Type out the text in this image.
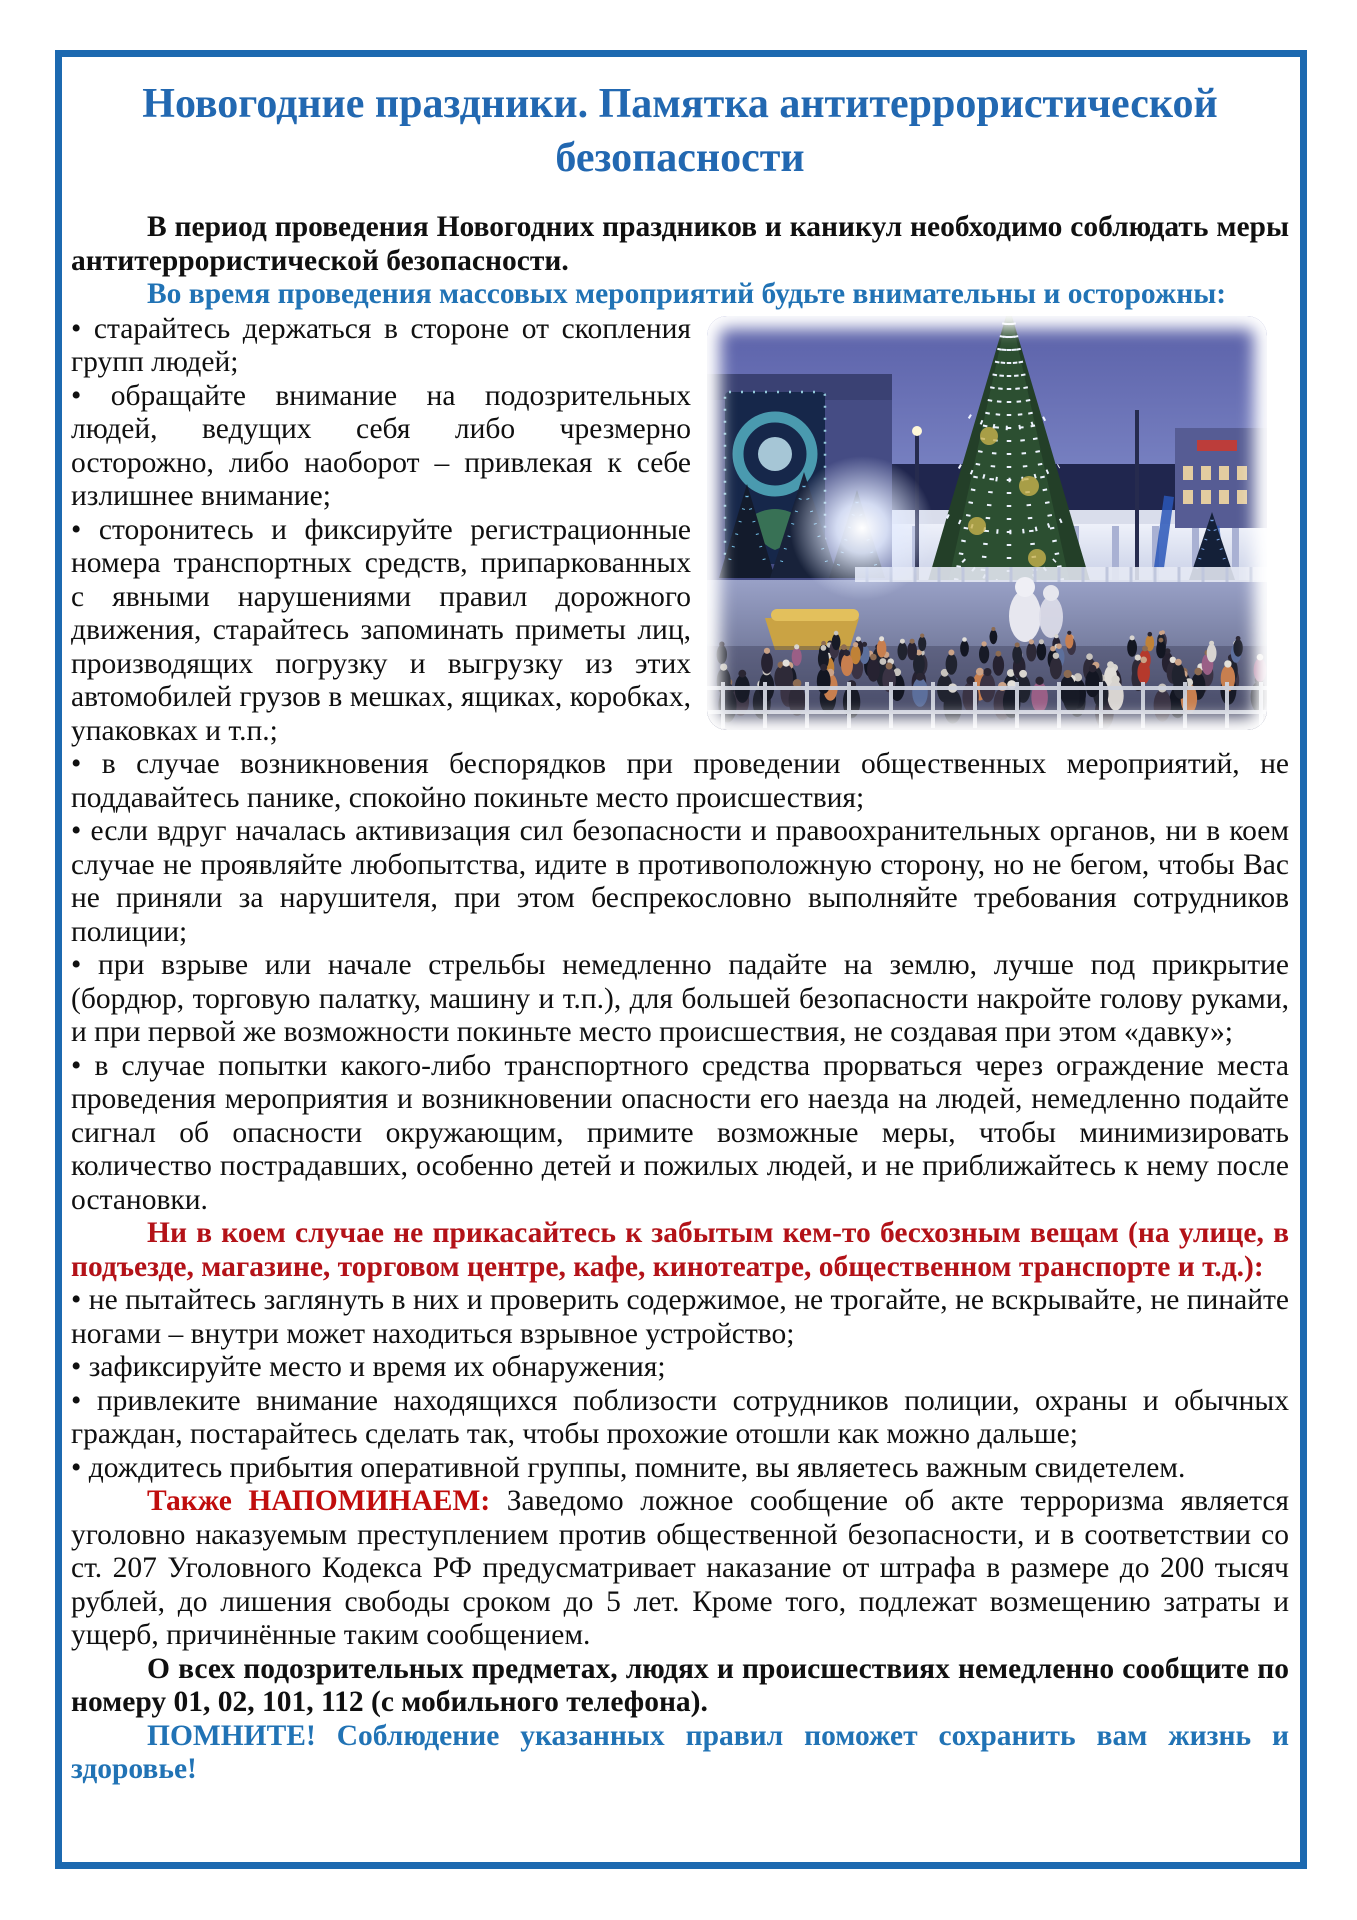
Новогодние праздники. Памятка антитеррористической безопасности

В период проведения Новогодних праздников и каникул необходимо соблюдать меры антитеррористической безопасности.

Во время проведения массовых мероприятий будьте внимательны и осторожны:

• старайтесь держаться в стороне от скопления групп людей;

• обращайте внимание на подозрительных людей, ведущих себя либо чрезмерно осторожно, либо наоборот – привлекая к себе излишнее внимание;

• сторонитесь и фиксируйте регистрационные номера транспортных средств, припаркованных с явными нарушениями правил дорожного движения, старайтесь запоминать приметы лиц, производящих погрузку и выгрузку из этих автомобилей грузов в мешках, ящиках, коробках, упаковках и т.п.;

• в случае возникновения беспорядков при проведении общественных мероприятий, не поддавайтесь панике, спокойно покиньте место происшествия;

• если вдруг началась активизация сил безопасности и правоохранительных органов, ни в коем случае не проявляйте любопытства, идите в противоположную сторону, но не бегом, чтобы Вас не приняли за нарушителя, при этом беспрекословно выполняйте требования сотрудников полиции;

• при взрыве или начале стрельбы немедленно падайте на землю, лучше под прикрытие (бордюр, торговую палатку, машину и т.п.), для большей безопасности накройте голову руками, и при первой же возможности покиньте место происшествия, не создавая при этом «давку»;

• в случае попытки какого-либо транспортного средства прорваться через ограждение места проведения мероприятия и возникновении опасности его наезда на людей, немедленно подайте сигнал об опасности окружающим, примите возможные меры, чтобы минимизировать количество пострадавших, особенно детей и пожилых людей, и не приближайтесь к нему после остановки.

Ни в коем случае не прикасайтесь к забытым кем-то бесхозным вещам (на улице, в подъезде, магазине, торговом центре, кафе, кинотеатре, общественном транспорте и т.д.):

• не пытайтесь заглянуть в них и проверить содержимое, не трогайте, не вскрывайте, не пинайте ногами – внутри может находиться взрывное устройство;

• зафиксируйте место и время их обнаружения;

• привлеките внимание находящихся поблизости сотрудников полиции, охраны и обычных граждан, постарайтесь сделать так, чтобы прохожие отошли как можно дальше;

• дождитесь прибытия оперативной группы, помните, вы являетесь важным свидетелем.

Также НАПОМИНАЕМ: Заведомо ложное сообщение об акте терроризма является уголовно наказуемым преступлением против общественной безопасности, и в соответствии со ст. 207 Уголовного Кодекса РФ предусматривает наказание от штрафа в размере до 200 тысяч рублей, до лишения свободы сроком до 5 лет. Кроме того, подлежат возмещению затраты и ущерб, причинённые таким сообщением.

О всех подозрительных предметах, людях и происшествиях немедленно сообщите по номеру 01, 02, 101, 112 (с мобильного телефона).

ПОМНИТЕ! Соблюдение указанных правил поможет сохранить вам жизнь и здоровье!
